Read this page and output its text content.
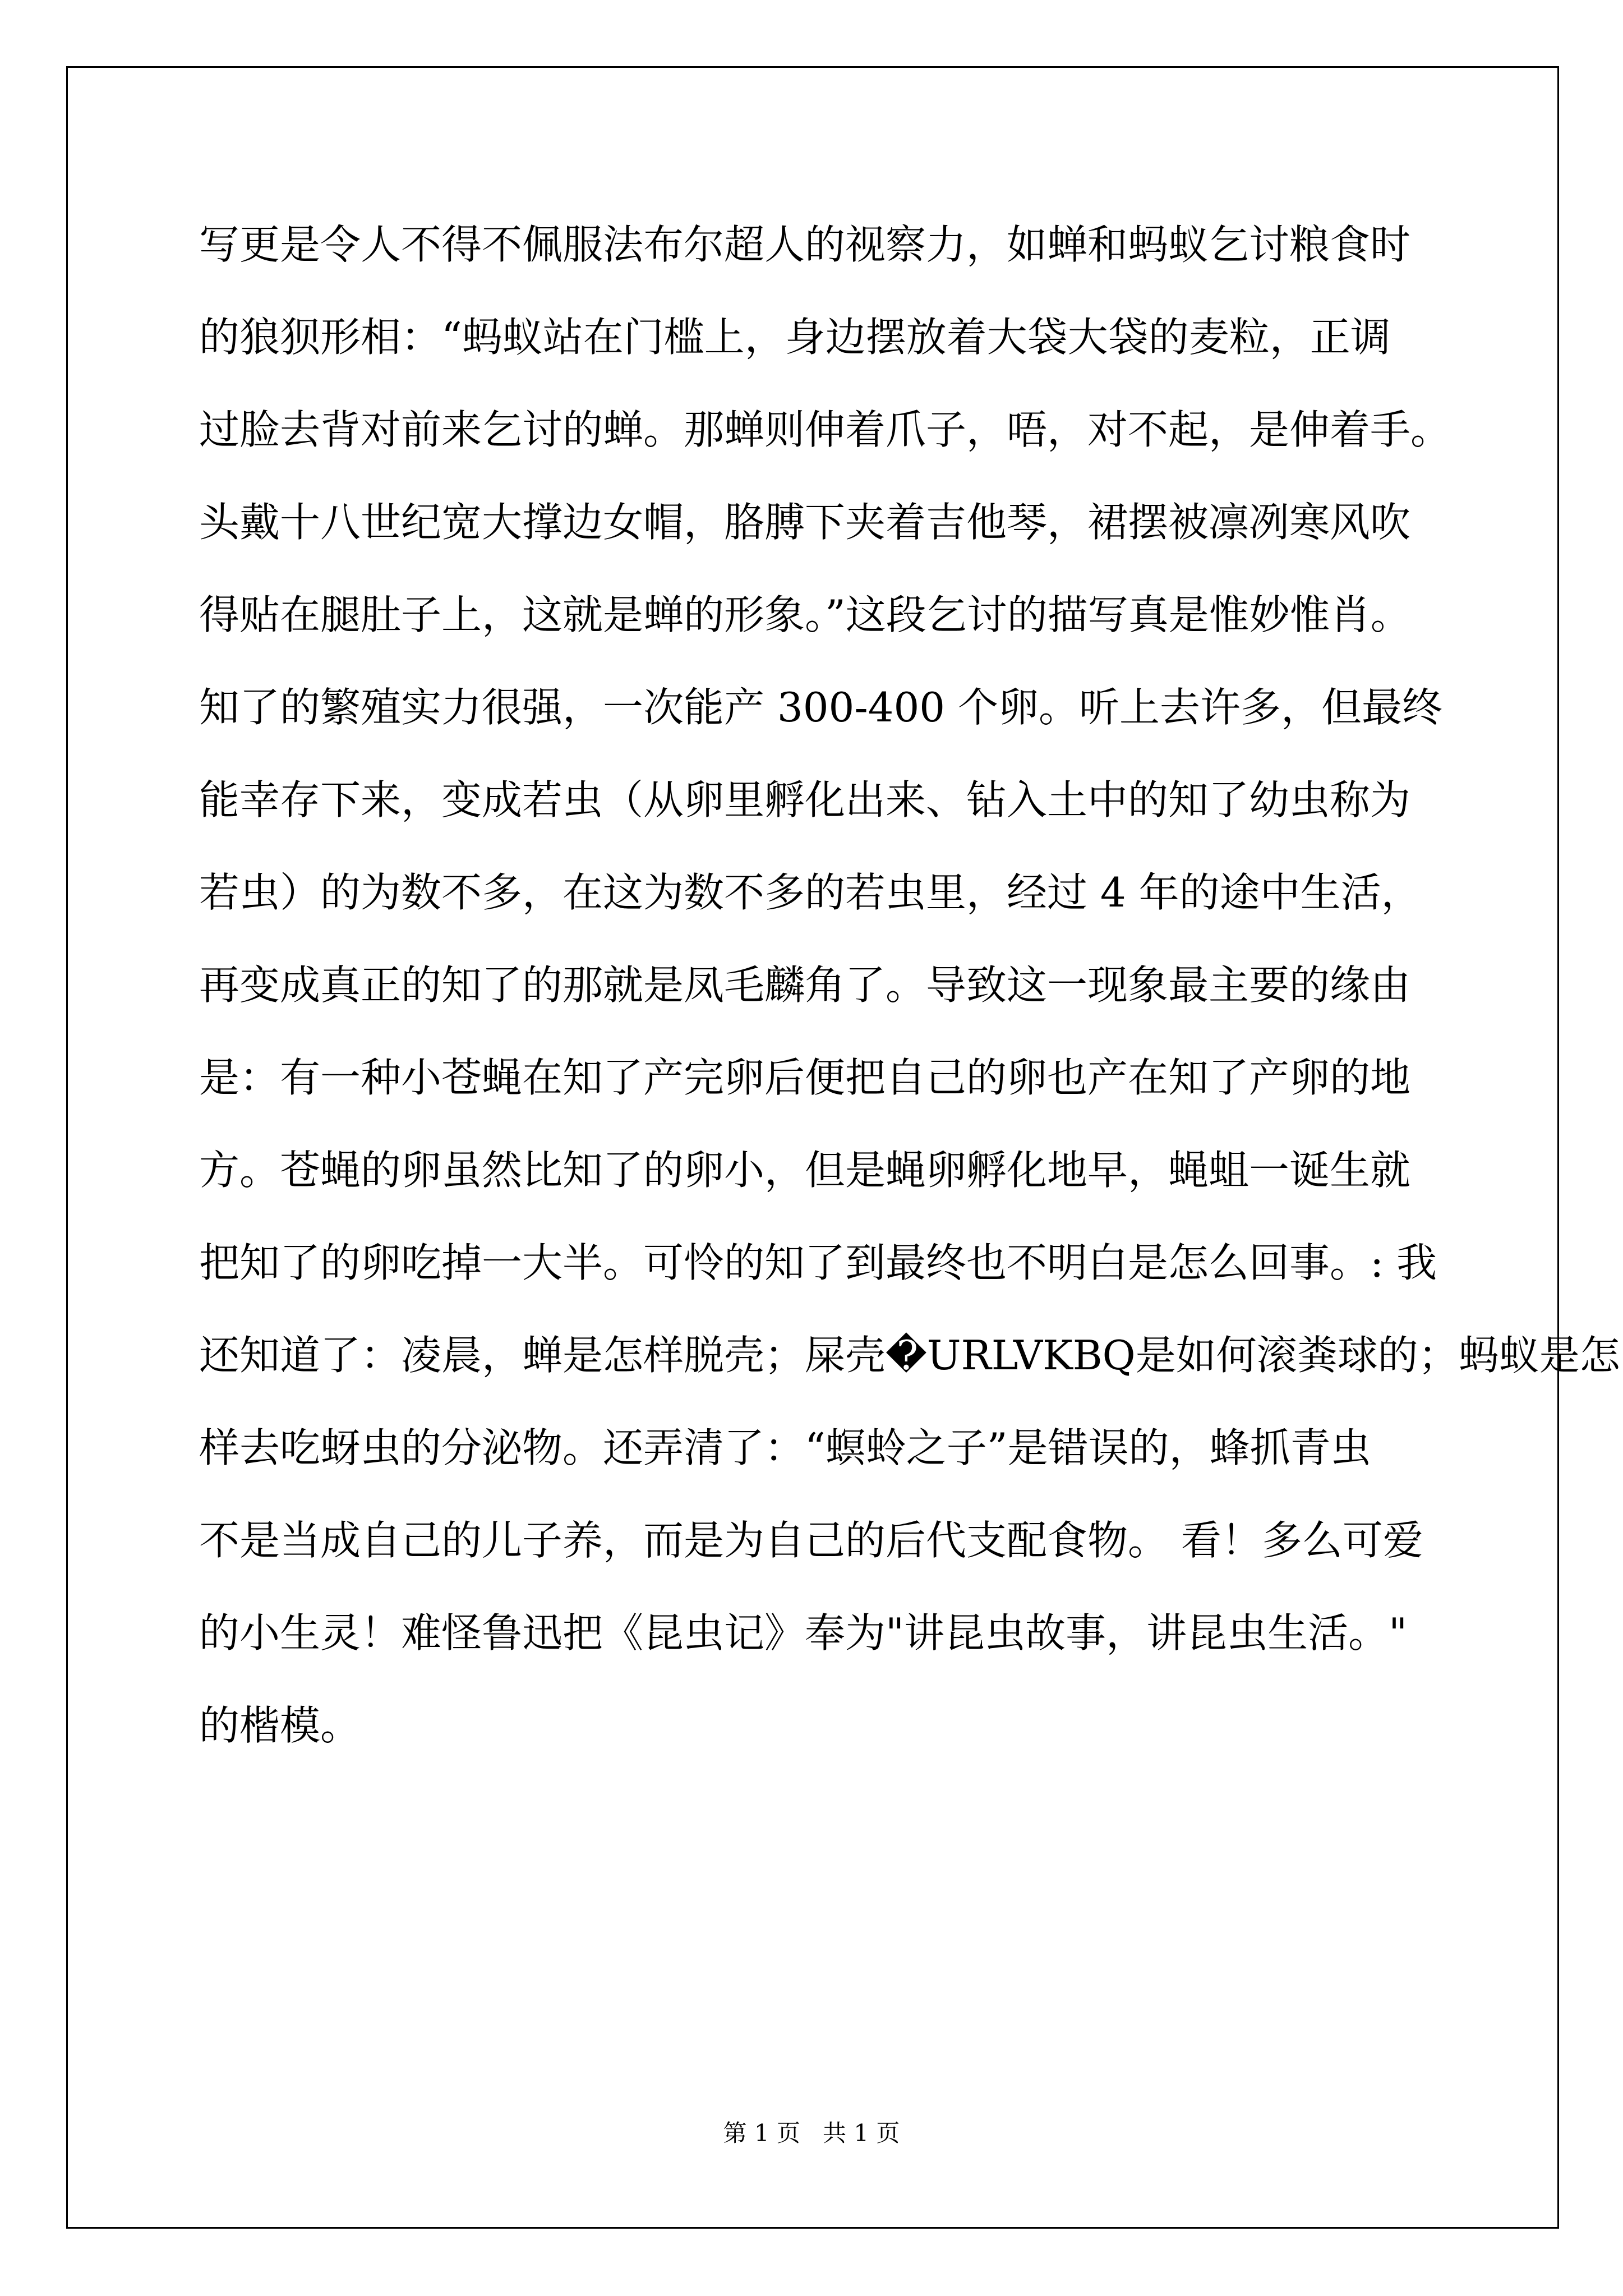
写更是令人不得不佩服法布尔超人的视察力，如蝉和蚂蚁乞讨粮食时
的狼狈形相：“蚂蚁站在门槛上，身边摆放着大袋大袋的麦粒，正调
过脸去背对前来乞讨的蝉。那蝉则伸着爪子，唔，对不起，是伸着手。
头戴十八世纪宽大撑边女帽，胳膊下夹着吉他琴，裙摆被凛冽寒风吹
得贴在腿肚子上，这就是蝉的形象。”这段乞讨的描写真是惟妙惟肖。
知了的繁殖实力很强，一次能产 300-400 个卵。听上去许多，但最终
能幸存下来，变成若虫（从卵里孵化出来、钻入土中的知了幼虫称为
若虫）的为数不多，在这为数不多的若虫里，经过 4 年的途中生活，
再变成真正的知了的那就是凤毛麟角了。导致这一现象最主要的缘由
是：有一种小苍蝇在知了产完卵后便把自己的卵也产在知了产卵的地
方。苍蝇的卵虽然比知了的卵小，但是蝇卵孵化地早，蝇蛆一诞生就
把知了的卵吃掉一大半。可怜的知了到最终也不明白是怎么回事。: 我
还知道了：凌晨，蝉是怎样脱壳；屎壳�URLVKBQ是如何滚粪球的；蚂蚁是怎
样去吃蚜虫的分泌物。还弄清了：“螟蛉之子”是错误的，蜂抓青虫
不是当成自己的儿子养，而是为自己的后代支配食物。 看！多么可爱
的小生灵！难怪鲁迅把《昆虫记》奉为"讲昆虫故事，讲昆虫生活。"
的楷模。
第 1 页 共 1 页
